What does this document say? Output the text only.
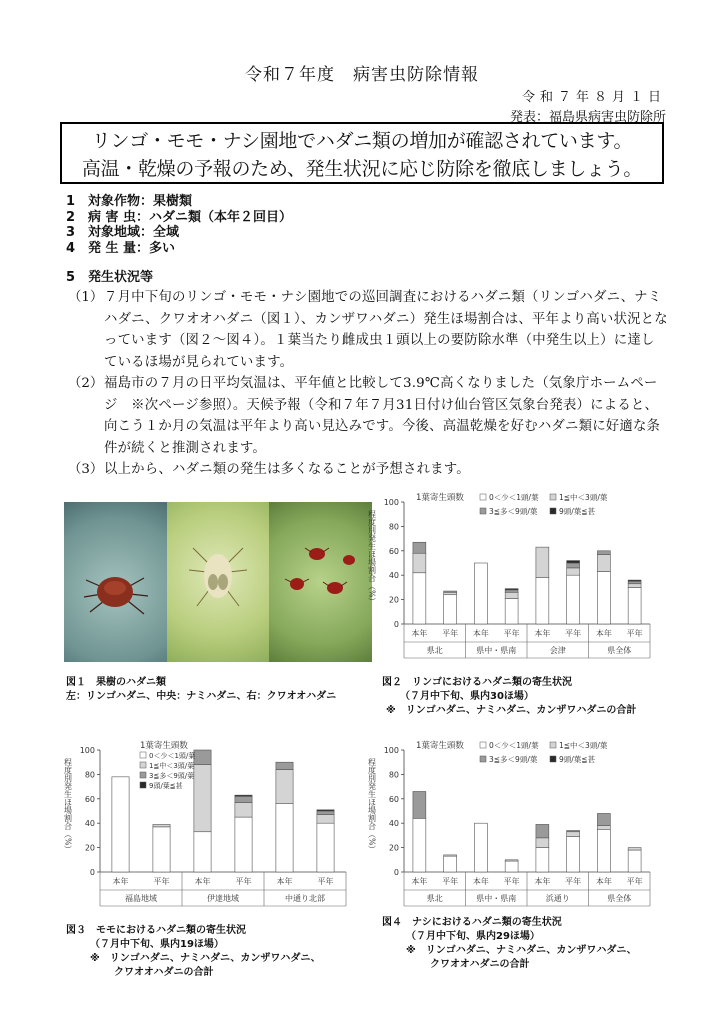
令和７年度　病害虫防除情報
令和７年８月１日
発表：福島県病害虫防除所
リンゴ・モモ・ナシ園地でハダニ類の増加が確認されています。
高温・乾燥の予報のため、発生状況に応じ防除を徹底しましょう。
1 対象作物：果樹類
2 病 害 虫：ハダニ類（本年２回目）
3 対象地域：全域
4 発 生 量：多い
5　発生状況等
（1） ７月中下旬のリンゴ・モモ・ナシ園地での巡回調査におけるハダニ類（リンゴハダニ、ナミハダニ、クワオオハダニ（図１）、カンザワハダニ）発生ほ場割合は、平年より高い状況となっています（図２〜図４）。１葉当たり雌成虫１頭以上の要防除水準（中発生以上）に達しているほ場が見られています。
（2） 福島市の７月の日平均気温は、平年値と比較して3.9℃高くなりました（気象庁ホームページ　※次ページ参照）。天候予報（令和７年７月31日付け仙台管区気象台発表）によると、向こう１か月の気温は平年より高い見込みです。今後、高温乾燥を好むハダニ類に好適な条件が続くと推測されます。
（3） 以上から、ハダニ類の発生は多くなることが予想されます。
程度別発生ほ場割合（%）
0
20
40
60
80
100
本年 平年 本年 平年 本年 平年 本年 平年
県北	県中・県南	会津	県全体
1葉寄生頭数	0＜少＜1頭/葉	1≦中＜3頭/葉
3≦多＜9頭/葉	9頭/葉≦甚
程度別発生ほ場割合（%）
0
20
40
60
80
100
本年	平年	本年	平年	本年	平年
福島地域	伊達地域	中通り北部
1葉寄生頭数
0＜少＜1頭/葉
1≦中＜3頭/葉
3≦多＜9頭/葉
9頭/葉≦甚	程度別発生ほ場割合（%）
0
20
40
60
80
100
本年 平年 本年 平年 本年 平年 本年 平年
県北	県中・県南	浜通り	県全体
1葉寄生頭数	0＜少＜1頭/葉	1≦中＜3頭/葉
3≦多＜9頭/葉	9頭/葉≦甚
図１　果樹のハダニ類
左：リンゴハダニ、中央：ナミハダニ、右：クワオオハダニ
図２　リンゴにおけるハダニ類の寄生状況
（７月中下旬、県内30ほ場）
※　リンゴハダニ、ナミハダニ、カンザワハダニの合計
図３　モモにおけるハダニ類の寄生状況
（７月中下旬、県内19ほ場）
※　リンゴハダニ、ナミハダニ、カンザワハダニ、
クワオオハダニの合計
図４　ナシにおけるハダニ類の寄生状況
（７月中下旬、県内29ほ場）
※　リンゴハダニ、ナミハダニ、カンザワハダニ、
クワオオハダニの合計
